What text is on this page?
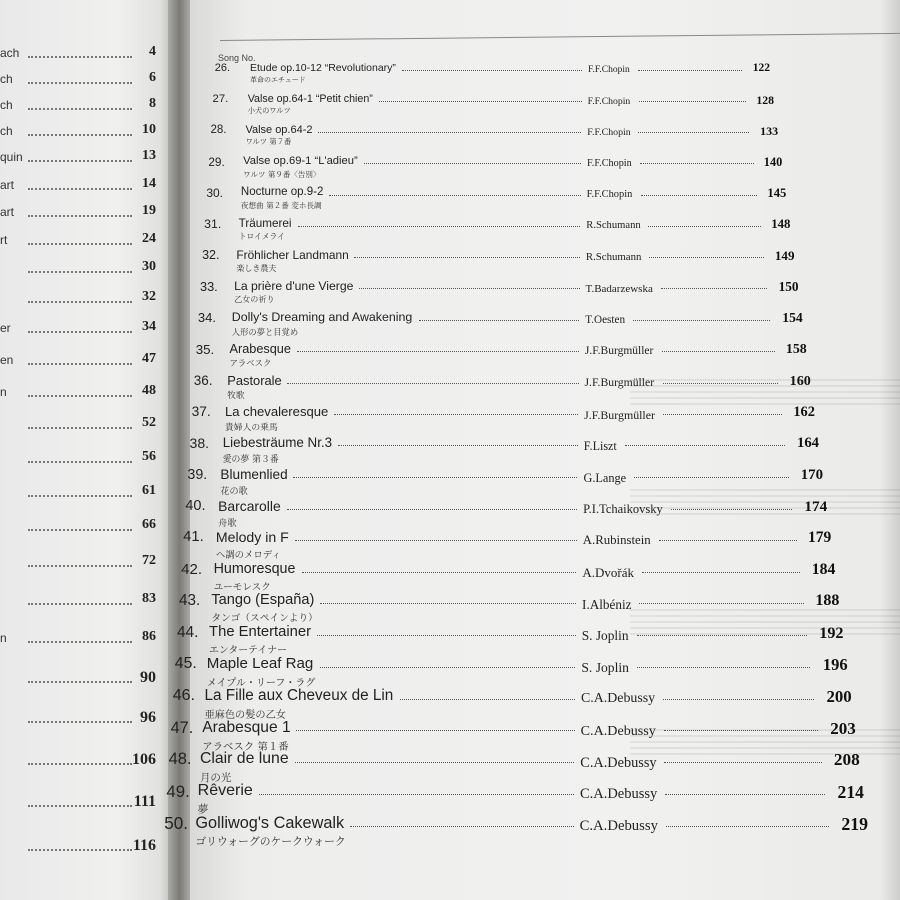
ach	4
ch	6
ch	8
ch	10
quin	13
art	14
art	19
rt	24
30
32
er	34
en	47
n	48
52
56
61
66
72
83
n	86
90
96
106
111
116
Song No.
26. Etude op.10-12 “Revolutionary”
革命のエチュード
F.F.Chopin	122
27. Valse op.64-1 “Petit chien”
小犬のワルツ
F.F.Chopin	128
28. Valse op.64-2
ワルツ 第７番
F.F.Chopin	133
29. Valse op.69-1 “L'adieu”
ワルツ 第９番〈告別〉
F.F.Chopin	140
30. Nocturne op.9-2
夜想曲 第２番 変ホ長調
F.F.Chopin	145
31. Träumerei
トロイメライ
R.Schumann	148
32. Fröhlicher Landmann
楽しき農夫
R.Schumann	149
33. La prière d'une Vierge
乙女の祈り
T.Badarzewska	150
34. Dolly's Dreaming and Awakening
人形の夢と目覚め
T.Oesten	154
35. Arabesque
アラベスク
J.F.Burgmüller	158
36. Pastorale
牧歌
J.F.Burgmüller	160
37. La chevaleresque
貴婦人の乗馬
J.F.Burgmüller	162
38. Liebesträume Nr.3
愛の夢 第３番
F.Liszt	164
39. Blumenlied
花の歌
G.Lange	170
40. Barcarolle
舟歌
P.I.Tchaikovsky	174
41. Melody in F
ヘ調のメロディ
A.Rubinstein	179
42. Humoresque
ユーモレスク
A.Dvořák	184
43. Tango (España)
タンゴ（スペインより）
I.Albéniz	188
44. The Entertainer
エンターテイナー
S. Joplin	192
45. Maple Leaf Rag
メイプル・リーフ・ラグ
S. Joplin	196
46. La Fille aux Cheveux de Lin
亜麻色の髪の乙女
C.A.Debussy	200
47. Arabesque 1
アラベスク 第１番
C.A.Debussy	203
48. Clair de lune
月の光
C.A.Debussy	208
49. Rêverie
夢
C.A.Debussy	214
50. Golliwog's Cakewalk
ゴリウォーグのケークウォーク
C.A.Debussy	219
